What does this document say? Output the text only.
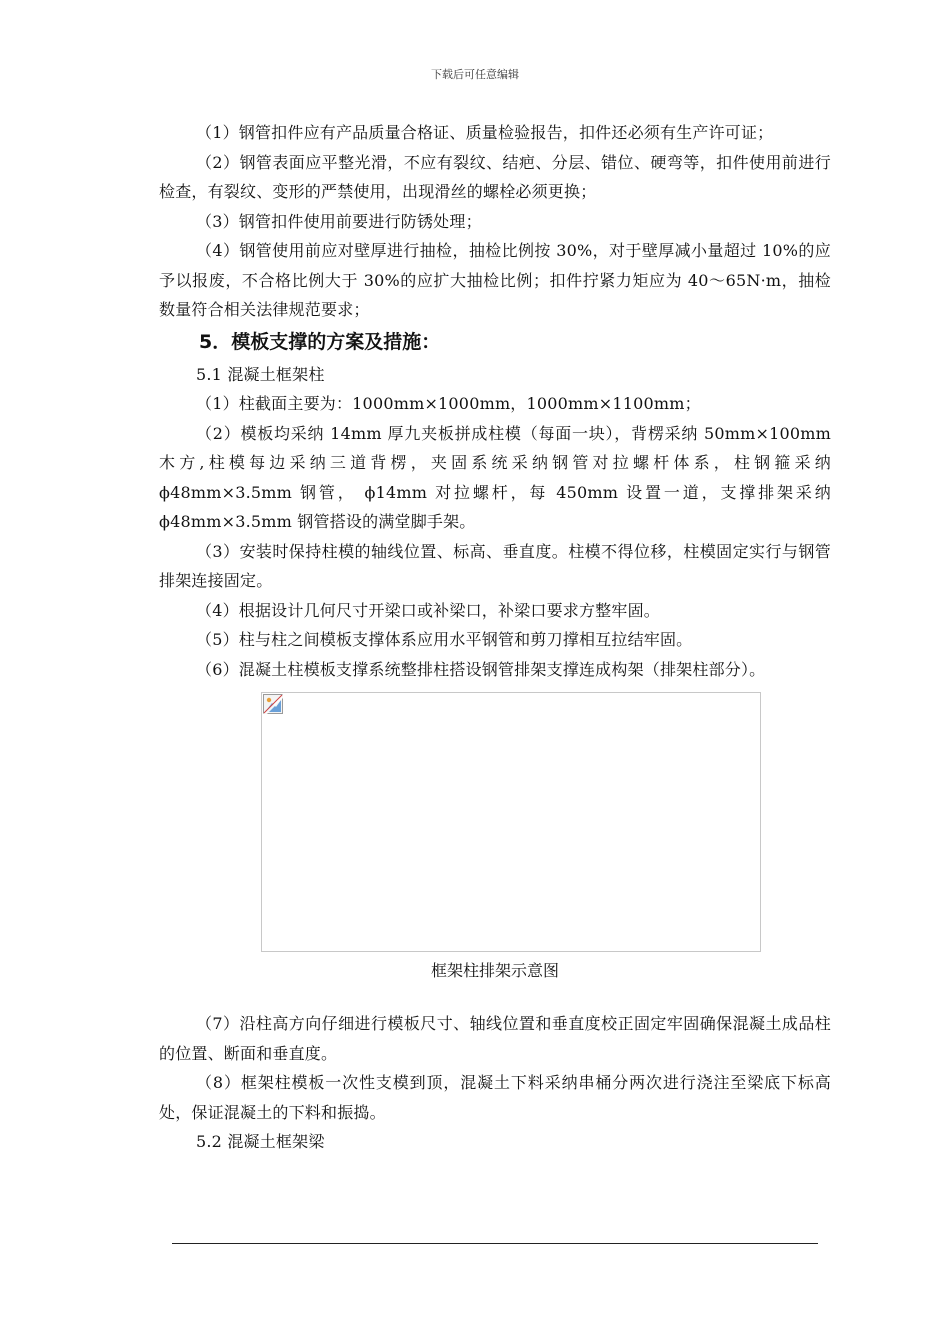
下载后可任意编辑

（1）钢管扣件应有产品质量合格证、质量检验报告，扣件还必须有生产许可证；

（2）钢管表面应平整光滑，不应有裂纹、结疤、分层、错位、硬弯等，扣件使用前进行检查，有裂纹、变形的严禁使用，出现滑丝的螺栓必须更换；

（3）钢管扣件使用前要进行防锈处理；

（4）钢管使用前应对壁厚进行抽检，抽检比例按 30%，对于壁厚减小量超过 10%的应予以报废，不合格比例大于 30%的应扩大抽检比例；扣件拧紧力矩应为 40～65N·m，抽检数量符合相关法律规范要求；

5．模板支撑的方案及措施：

5.1 混凝土框架柱

（1）柱截面主要为：1000mm×1000mm，1000mm×1100mm；

（2）模板均采纳 14mm 厚九夹板拼成柱模（每面一块），背楞采纳 50mm×100mm 木方,柱模每边采纳三道背楞，夹固系统采纳钢管对拉螺杆体系，柱钢箍采纳 ϕ48mm×3.5mm 钢管， ϕ14mm 对拉螺杆，每 450mm 设置一道，支撑排架采纳 ϕ48mm×3.5mm 钢管搭设的满堂脚手架。

（3）安装时保持柱模的轴线位置、标高、垂直度。柱模不得位移，柱模固定实行与钢管排架连接固定。

（4）根据设计几何尺寸开梁口或补梁口，补梁口要求方整牢固。

（5）柱与柱之间模板支撑体系应用水平钢管和剪刀撑相互拉结牢固。

（6）混凝土柱模板支撑系统整排柱搭设钢管排架支撑连成构架（排架柱部分）。

框架柱排架示意图

（7）沿柱高方向仔细进行模板尺寸、轴线位置和垂直度校正固定牢固确保混凝土成品柱的位置、断面和垂直度。

（8）框架柱模板一次性支模到顶，混凝土下料采纳串桶分两次进行浇注至梁底下标高处，保证混凝土的下料和振捣。

5.2 混凝土框架梁
